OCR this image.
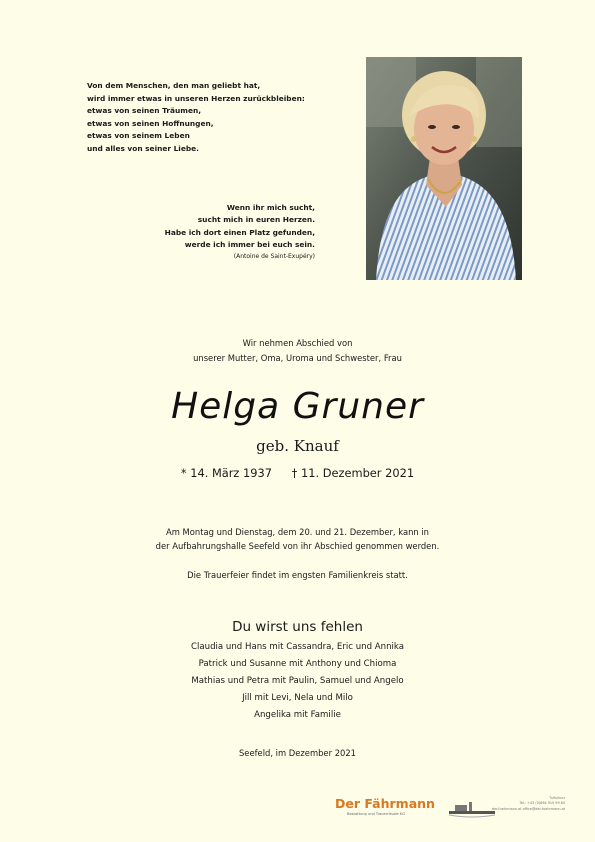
Von dem Menschen, den man geliebt hat,
wird immer etwas in unseren Herzen zurückbleiben:
etwas von seinen Träumen,
etwas von seinen Hoffnungen,
etwas von seinem Leben
und alles von seiner Liebe.
Wenn ihr mich sucht,
sucht mich in euren Herzen.
Habe ich dort einen Platz gefunden,
werde ich immer bei euch sein.
(Antoine de Saint-Exupéry)
Wir nehmen Abschied von
unserer Mutter, Oma, Uroma und Schwester, Frau
Helga Gruner
geb. Knauf
* 14. März 1937 † 11. Dezember 2021
Am Montag und Dienstag, dem 20. und 21. Dezember, kann in
der Aufbahrungshalle Seefeld von ihr Abschied genommen werden.
Die Trauerfeier findet im engsten Familienkreis statt.
Du wirst uns fehlen
Claudia und Hans mit Cassandra, Eric und Annika
Patrick und Susanne mit Anthony und Chioma
Mathias und Petra mit Paulin, Samuel und Angelo
Jill mit Levi, Nela und Milo
Angelika mit Familie
Seefeld, im Dezember 2021
Der Fährmann
Bestattung und Trauerrituale KG
Tuifs/Innz
Tel.: +43 (0)664 915 99 60
der-fuehrmann.at office@der-fuehrmann.at
